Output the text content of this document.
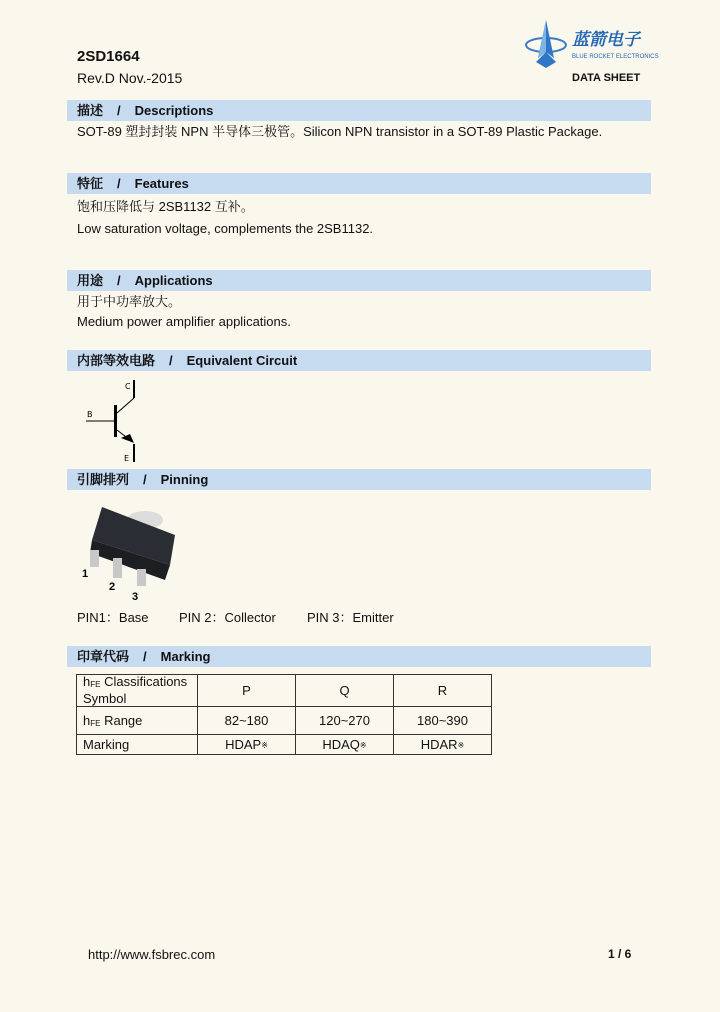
2SD1664
Rev.D Nov.-2015
蓝箭电子
BLUE ROCKET ELECTRONICS
DATA SHEET
描述 / Descriptions
SOT-89 塑封封装 NPN 半导体三极管。Silicon NPN transistor in a SOT-89 Plastic Package.
特征 / Features
饱和压降低与 2SB1132 互补。
Low saturation voltage, complements the 2SB1132.
用途 / Applications
用于中功率放大。
Medium power amplifier applications.
内部等效电路 / Equivalent Circuit
C
B
E
引脚排列 / Pinning
1
2
3
PIN1：Base PIN 2：Collector PIN 3：Emitter
印章代码 / Marking
$h_{FE}$ Classifications Symbol	P	Q	R
$h_{FE}$ Range	82~180	120~270	180~390
Marking	HDAP※	HDAQ※	HDAR※
http://www.fsbrec.com	1 / 6
